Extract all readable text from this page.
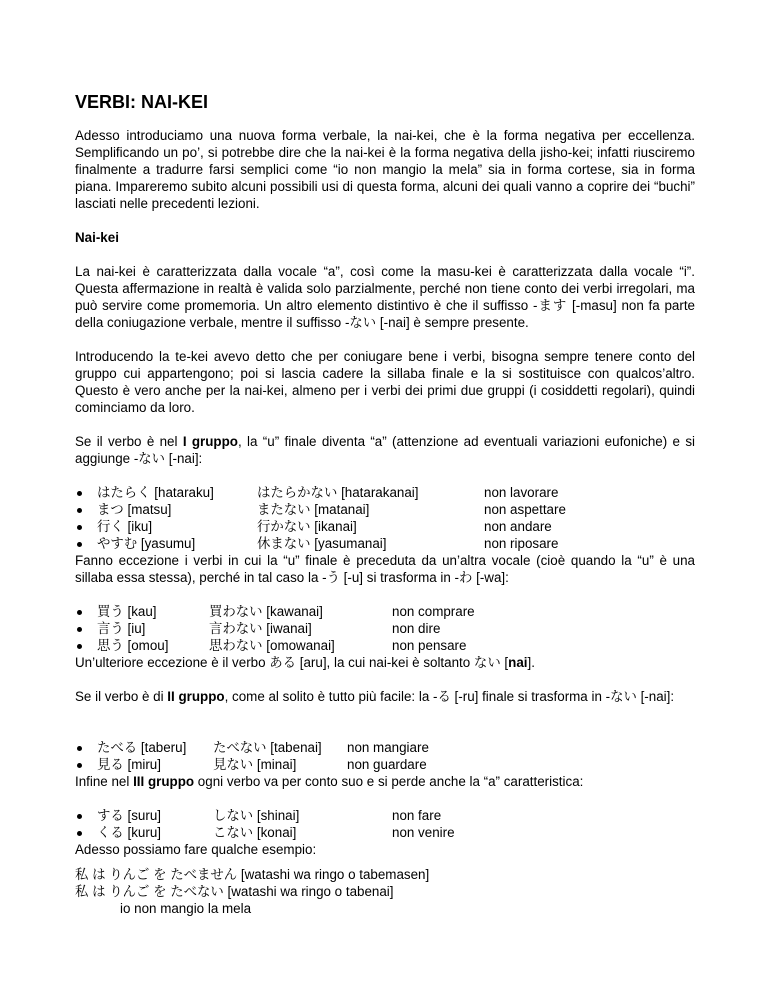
VERBI: NAI-KEI

Adesso introduciamo una nuova forma verbale, la nai-kei, che è la forma negativa per eccellenza. Semplificando un po’, si potrebbe dire che la nai-kei è la forma negativa della jisho-kei; infatti riusciremo finalmente a tradurre farsi semplici come “io non mangio la mela” sia in forma cortese, sia in forma piana. Impareremo subito alcuni possibili usi di questa forma, alcuni dei quali vanno a coprire dei “buchi” lasciati nelle precedenti lezioni.

Nai-kei

La nai-kei è caratterizzata dalla vocale “a”, così come la masu-kei è caratterizzata dalla vocale “i”. Questa affermazione in realtà è valida solo parzialmente, perché non tiene conto dei verbi irregolari, ma può servire come promemoria. Un altro elemento distintivo è che il suffisso -ます [-masu] non fa parte della coniugazione verbale, mentre il suffisso -ない [-nai] è sempre presente.

Introducendo la te-kei avevo detto che per coniugare bene i verbi, bisogna sempre tenere conto del gruppo cui appartengono; poi si lascia cadere la sillaba finale e la si sostituisce con qualcos’altro. Questo è vero anche per la nai-kei, almeno per i verbi dei primi due gruppi (i cosiddetti regolari), quindi cominciamo da loro.

Se il verbo è nel I gruppo, la “u” finale diventa “a” (attenzione ad eventuali variazioni eufoniche) e si aggiunge -ない [-nai]:

はたらく [hataraku]	はたらかない [hatarakanai]	non lavorare
まつ [matsu]	またない [matanai]	non aspettare
行く [iku]	行かない [ikanai]	non andare
やすむ [yasumu]	休まない [yasumanai]	non riposare

Fanno eccezione i verbi in cui la “u” finale è preceduta da un’altra vocale (cioè quando la “u” è una sillaba essa stessa), perché in tal caso la -う [-u] si trasforma in -わ [-wa]:

買う [kau]	買わない [kawanai]	non comprare
言う [iu]	言わない [iwanai]	non dire
思う [omou]	思わない [omowanai]	non pensare

Un’ulteriore eccezione è il verbo ある [aru], la cui nai-kei è soltanto ない [nai].

Se il verbo è di II gruppo, come al solito è tutto più facile: la -る [-ru] finale si trasforma in -ない [-nai]:

たべる [taberu] たべない [tabenai] non mangiare
見る [miru]	見ない [minai]	non guardare

Infine nel III gruppo ogni verbo va per conto suo e si perde anche la “a” caratteristica:

する [suru]	しない [shinai]	non fare
くる [kuru]	こない [konai]	non venire

Adesso possiamo fare qualche esempio:

私 は りんご を たべません [watashi wa ringo o tabemasen]
私 は りんご を たべない [watashi wa ringo o tabenai]
io non mangio la mela
